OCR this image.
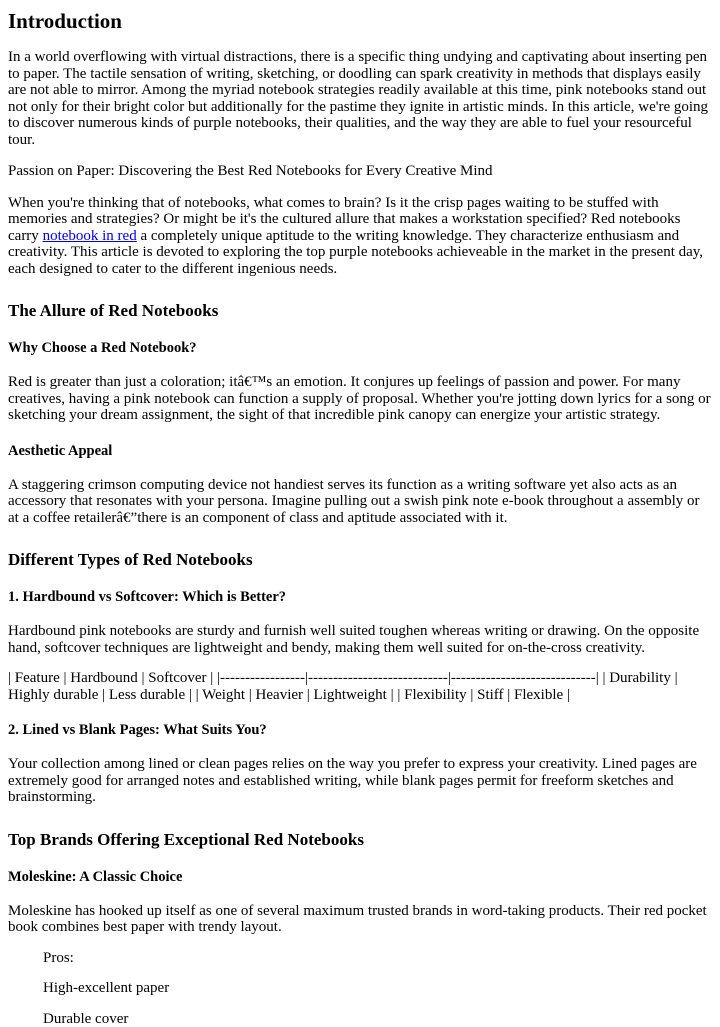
Introduction

In a world overflowing with virtual distractions, there is a specific thing undying and captivating about inserting pen to paper. The tactile sensation of writing, sketching, or doodling can spark creativity in methods that displays easily are not able to mirror. Among the myriad notebook strategies readily available at this time, pink notebooks stand out not only for their bright color but additionally for the pastime they ignite in artistic minds. In this article, we're going to discover numerous kinds of purple notebooks, their qualities, and the way they are able to fuel your resourceful tour.

Passion on Paper: Discovering the Best Red Notebooks for Every Creative Mind

When you're thinking that of notebooks, what comes to brain? Is it the crisp pages waiting to be stuffed with memories and strategies? Or might be it's the cultured allure that makes a workstation specified? Red notebooks carry notebook in red a completely unique aptitude to the writing knowledge. They characterize enthusiasm and creativity. This article is devoted to exploring the top purple notebooks achieveable in the market in the present day, each designed to cater to the different ingenious needs.

The Allure of Red Notebooks
Why Choose a Red Notebook?

Red is greater than just a coloration; itâ€™s an emotion. It conjures up feelings of passion and power. For many creatives, having a pink notebook can function a supply of proposal. Whether you're jotting down lyrics for a song or sketching your dream assignment, the sight of that incredible pink canopy can energize your artistic strategy.

Aesthetic Appeal

A staggering crimson computing device not handiest serves its function as a writing software yet also acts as an accessory that resonates with your persona. Imagine pulling out a swish pink note e-book throughout a assembly or at a coffee retailerâ€”there is an component of class and aptitude associated with it.

Different Types of Red Notebooks
1. Hardbound vs Softcover: Which is Better?

Hardbound pink notebooks are sturdy and furnish well suited toughen whereas writing or drawing. On the opposite hand, softcover techniques are lightweight and bendy, making them well suited for on-the-cross creativity.

| Feature | Hardbound | Softcover | |-----------------|----------------------------|-----------------------------| | Durability | Highly durable | Less durable | | Weight | Heavier | Lightweight | | Flexibility | Stiff | Flexible |

2. Lined vs Blank Pages: What Suits You?

Your collection among lined or clean pages relies on the way you prefer to express your creativity. Lined pages are extremely good for arranged notes and established writing, while blank pages permit for freeform sketches and brainstorming.

Top Brands Offering Exceptional Red Notebooks
Moleskine: A Classic Choice

Moleskine has hooked up itself as one of several maximum trusted brands in word-taking products. Their red pocket book combines best paper with trendy layout.

Pros:

High-excellent paper

Durable cover
